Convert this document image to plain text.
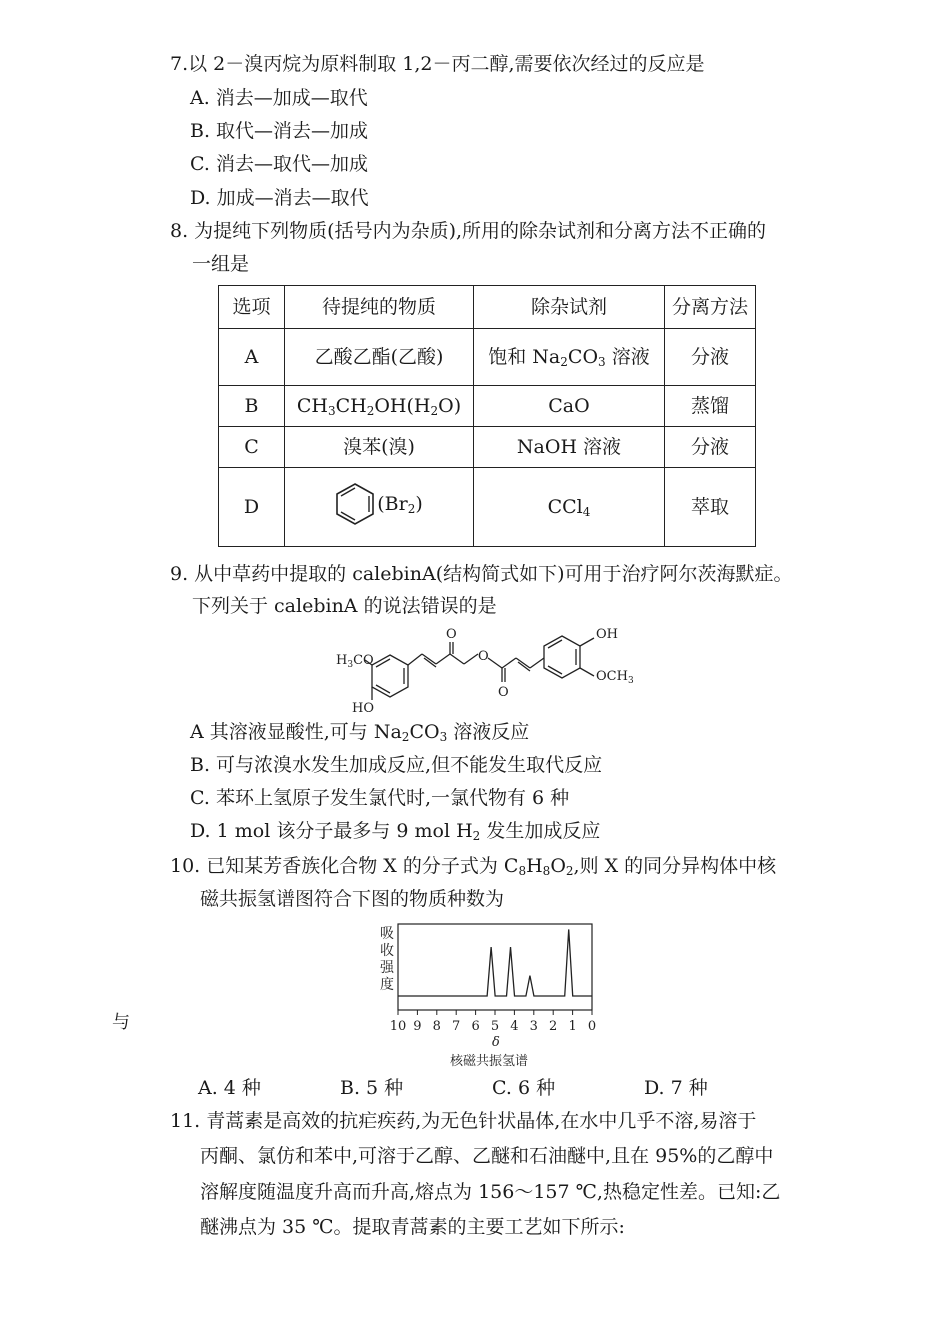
7.以 2－溴丙烷为原料制取 1,2－丙二醇,需要依次经过的反应是
A. 消去—加成—取代
B. 取代—消去—加成
C. 消去—取代—加成
D. 加成—消去—取代
8. 为提纯下列物质(括号内为杂质),所用的除杂试剂和分离方法不正确的
一组是
选项	待提纯的物质	除杂试剂	分离方法
A	乙酸乙酯(乙酸)	饱和 $Na_2CO_3$ 溶液	分液
B	$CH_3CH_2OH(H_2O)$	CaO	蒸馏
C	溴苯(溴)	NaOH 溶液	分液
D	$(Br_2)$	CCl$_4$	萃取
9. 从中草药中提取的 calebinA(结构简式如下)可用于治疗阿尔茨海默症。
下列关于 calebinA 的说法错误的是
O
O
O
OH
$OCH_3$
$H_3CO$
HO
A 其溶液显酸性,可与 $Na_2CO_3$ 溶液反应
B. 可与浓溴水发生加成反应,但不能发生取代反应
C. 苯环上氢原子发生氯代时,一氯代物有 6 种
D. 1 mol 该分子最多与 9 mol $H_2$ 发生加成反应
10. 已知某芳香族化合物 X 的分子式为 $C_8H_8O_2$,则 X 的同分异构体中核
磁共振氢谱图符合下图的物质种数为
吸
收
强
度
10 9 8 7 6 5 4 3 2 1 0
δ
核磁共振氢谱
与
A. 4 种	B. 5 种	C. 6 种	D. 7 种
11. 青蒿素是高效的抗疟疾药,为无色针状晶体,在水中几乎不溶,易溶于
丙酮、氯仿和苯中,可溶于乙醇、乙醚和石油醚中,且在 95%的乙醇中
溶解度随温度升高而升高,熔点为 156～157 ℃,热稳定性差。已知:乙
醚沸点为 35 ℃。提取青蒿素的主要工艺如下所示:
